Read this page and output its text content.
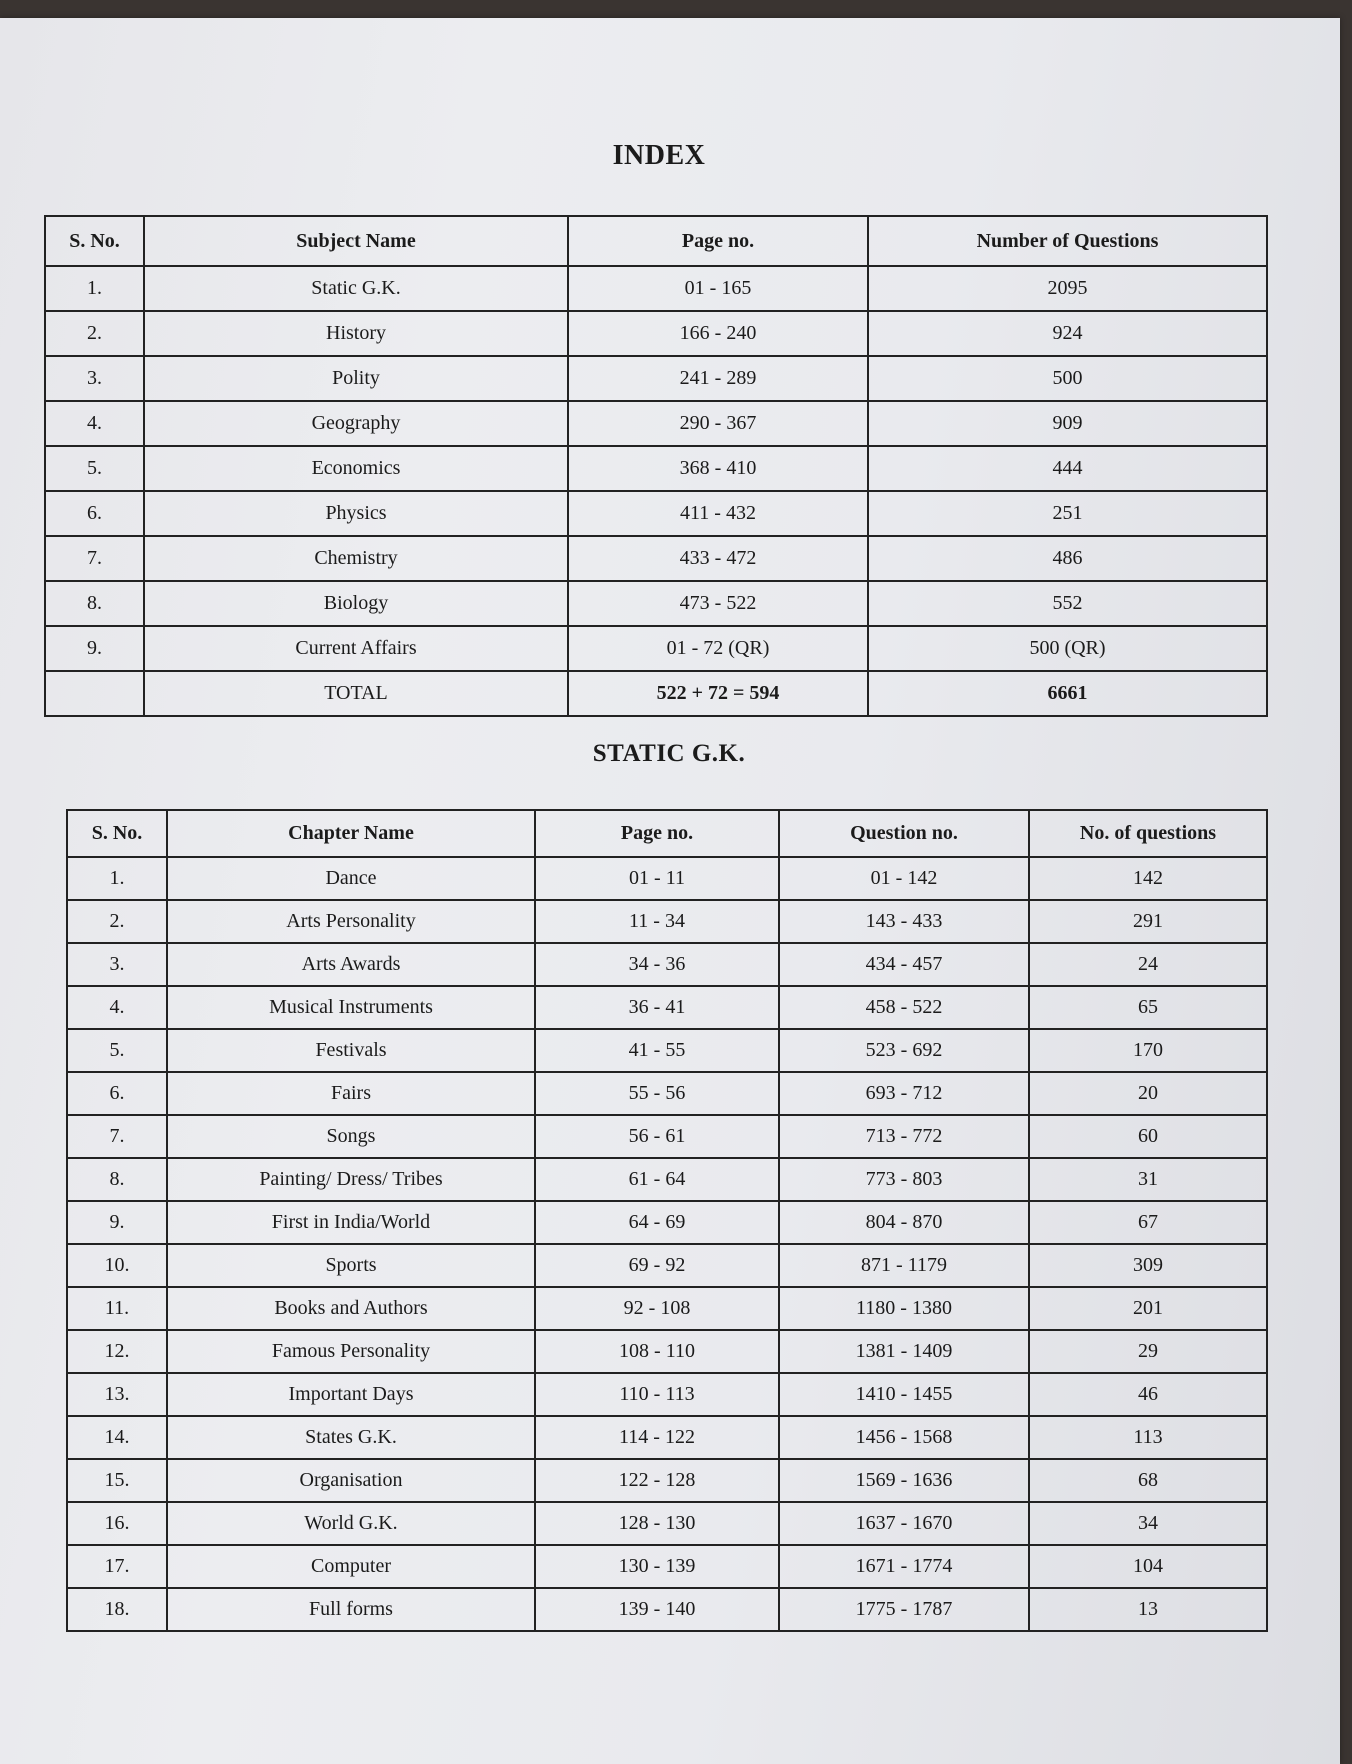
INDEX
S. No.	Subject Name	Page no.	Number of Questions
1.	Static G.K.	01 - 165	2095
2.	History	166 - 240	924
3.	Polity	241 - 289	500
4.	Geography	290 - 367	909
5.	Economics	368 - 410	444
6.	Physics	411 - 432	251
7.	Chemistry	433 - 472	486
8.	Biology	473 - 522	552
9.	Current Affairs	01 - 72 (QR)	500 (QR)
	TOTAL	522 + 72 = 594	6661
STATIC G.K.
S. No.	Chapter Name	Page no.	Question no.	No. of questions
1.	Dance	01 - 11	01 - 142	142
2.	Arts Personality	11 - 34	143 - 433	291
3.	Arts Awards	34 - 36	434 - 457	24
4.	Musical Instruments	36 - 41	458 - 522	65
5.	Festivals	41 - 55	523 - 692	170
6.	Fairs	55 - 56	693 - 712	20
7.	Songs	56 - 61	713 - 772	60
8.	Painting/ Dress/ Tribes	61 - 64	773 - 803	31
9.	First in India/World	64 - 69	804 - 870	67
10.	Sports	69 - 92	871 - 1179	309
11.	Books and Authors	92 - 108	1180 - 1380	201
12.	Famous Personality	108 - 110	1381 - 1409	29
13.	Important Days	110 - 113	1410 - 1455	46
14.	States G.K.	114 - 122	1456 - 1568	113
15.	Organisation	122 - 128	1569 - 1636	68
16.	World G.K.	128 - 130	1637 - 1670	34
17.	Computer	130 - 139	1671 - 1774	104
18.	Full forms	139 - 140	1775 - 1787	13
